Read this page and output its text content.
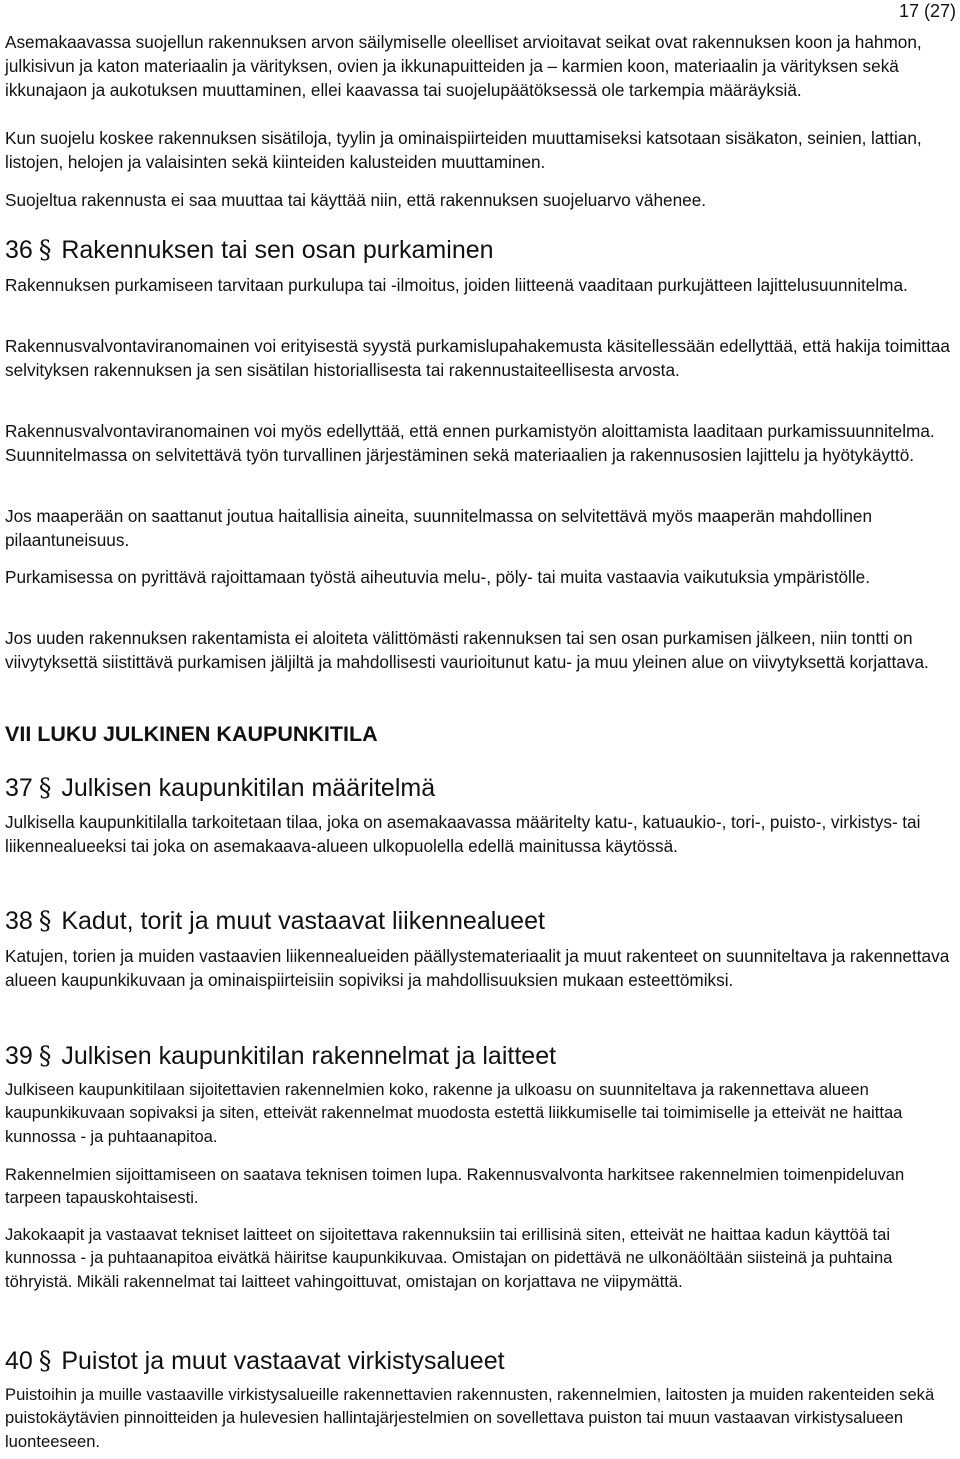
17 (27)

Asemakaavassa suojellun rakennuksen arvon säilymiselle oleelliset arvioitavat seikat ovat rakennuksen koon ja hahmon, julkisivun ja katon materiaalin ja värityksen, ovien ja ikkunapuitteiden ja – karmien koon, materiaalin ja värityksen sekä ikkunajaon ja aukotuksen muuttaminen, ellei kaavassa tai suojelupäätöksessä ole tarkempia määräyksiä.

Kun suojelu koskee rakennuksen sisätiloja, tyylin ja ominaispiirteiden muuttamiseksi katsotaan sisäkaton, seinien, lattian, listojen, helojen ja valaisinten sekä kiinteiden kalusteiden muuttaminen.

Suojeltua rakennusta ei saa muuttaa tai käyttää niin, että rakennuksen suojeluarvo vähenee.

36 § Rakennuksen tai sen osan purkaminen

Rakennuksen purkamiseen tarvitaan purkulupa tai -ilmoitus, joiden liitteenä vaaditaan purkujätteen lajittelusuunnitelma.

Rakennusvalvontaviranomainen voi erityisestä syystä purkamislupahakemusta käsitellessään edellyttää, että hakija toimittaa selvityksen rakennuksen ja sen sisätilan historiallisesta tai rakennustaiteellisesta arvosta.

Rakennusvalvontaviranomainen voi myös edellyttää, että ennen purkamistyön aloittamista laaditaan purkamissuunnitelma. Suunnitelmassa on selvitettävä työn turvallinen järjestäminen sekä materiaalien ja rakennusosien lajittelu ja hyötykäyttö.

Jos maaperään on saattanut joutua haitallisia aineita, suunnitelmassa on selvitettävä myös maaperän mahdollinen pilaantuneisuus.

Purkamisessa on pyrittävä rajoittamaan työstä aiheutuvia melu-, pöly- tai muita vastaavia vaikutuksia ympäristölle.

Jos uuden rakennuksen rakentamista ei aloiteta välittömästi rakennuksen tai sen osan purkamisen jälkeen, niin tontti on viivytyksettä siistittävä purkamisen jäljiltä ja mahdollisesti vaurioitunut katu- ja muu yleinen alue on viivytyksettä korjattava.

VII LUKU JULKINEN KAUPUNKITILA
37 § Julkisen kaupunkitilan määritelmä

Julkisella kaupunkitilalla tarkoitetaan tilaa, joka on asemakaavassa määritelty katu-, katuaukio-, tori-, puisto-, virkistys- tai liikennealueeksi tai joka on asemakaava-alueen ulkopuolella edellä mainitussa käytössä.

38 § Kadut, torit ja muut vastaavat liikennealueet

Katujen, torien ja muiden vastaavien liikennealueiden päällystemateriaalit ja muut rakenteet on suunniteltava ja rakennettava alueen kaupunkikuvaan ja ominaispiirteisiin sopiviksi ja mahdollisuuksien mukaan esteettömiksi.

39 § Julkisen kaupunkitilan rakennelmat ja laitteet

Julkiseen kaupunkitilaan sijoitettavien rakennelmien koko, rakenne ja ulkoasu on suunniteltava ja rakennettava alueen kaupunkikuvaan sopivaksi ja siten, etteivät rakennelmat muodosta estettä liikkumiselle tai toimimiselle ja etteivät ne haittaa kunnossa - ja puhtaanapitoa.

Rakennelmien sijoittamiseen on saatava teknisen toimen lupa. Rakennusvalvonta harkitsee rakennelmien toimenpideluvan tarpeen tapauskohtaisesti.

Jakokaapit ja vastaavat tekniset laitteet on sijoitettava rakennuksiin tai erillisinä siten, etteivät ne haittaa kadun käyttöä tai kunnossa - ja puhtaanapitoa eivätkä häiritse kaupunkikuvaa. Omistajan on pidettävä ne ulkonäöltään siisteinä ja puhtaina töhryistä. Mikäli rakennelmat tai laitteet vahingoittuvat, omistajan on korjattava ne viipymättä.

40 § Puistot ja muut vastaavat virkistysalueet

Puistoihin ja muille vastaaville virkistysalueille rakennettavien rakennusten, rakennelmien, laitosten ja muiden rakenteiden sekä puistokäytävien pinnoitteiden ja hulevesien hallintajärjestelmien on sovellettava puiston tai muun vastaavan virkistysalueen luonteeseen.
